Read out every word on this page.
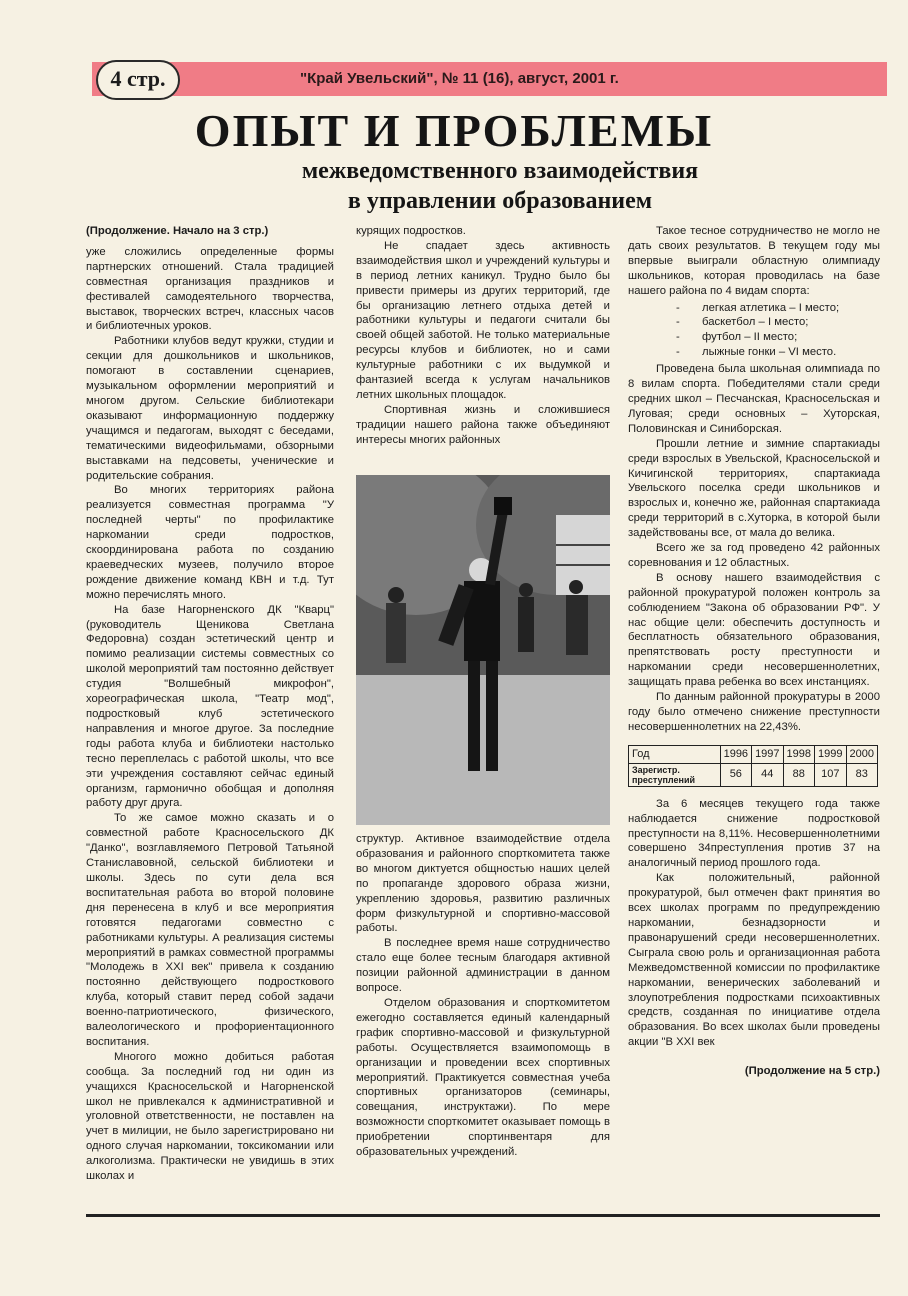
4 стр.	"Край Увельский", № 11 (16), август, 2001 г.
ОПЫТ И ПРОБЛЕМЫ
межведомственного взаимодействия
в управлении образованием

(Продолжение. Начало на 3 стр.)

уже сложились определенные формы партнерских отношений. Стала традицией совместная организация праздников и фестивалей самодеятельного творчества, выставок, творческих встреч, классных часов и библиотечных уроков.

Работники клубов ведут кружки, студии и секции для дошкольников и школьников, помогают в составлении сценариев, музыкальном оформлении мероприятий и многом другом. Сельские библиотекари оказывают информационную поддержку учащимся и педагогам, выходят с беседами, тематическими видеофильмами, обзорными выставками на педсоветы, ученические и родительские собрания.

Во многих территориях района реализуется совместная программа "У последней черты" по профилактике наркомании среди подростков, скоординирована работа по созданию краеведческих музеев, получило второе рождение движение команд КВН и т.д. Тут можно перечислять много.

На базе Нагорненского ДК "Кварц" (руководитель Щеникова Светлана Федоровна) создан эстетический центр и помимо реализации системы совместных со школой мероприятий там постоянно действует студия "Волшебный микрофон", хореографическая школа, "Театр мод", подростковый клуб эстетического направления и многое другое. За последние годы работа клуба и библиотеки настолько тесно переплелась с работой школы, что все эти учреждения составляют сейчас единый организм, гармонично обобщая и дополняя работу друг друга.

То же самое можно сказать и о совместной работе Красносельского ДК "Данко", возглавляемого Петровой Татьяной Станиславовной, сельской библиотеки и школы. Здесь по сути дела вся воспитательная работа во второй половине дня перенесена в клуб и все мероприятия готовятся педагогами совместно с работниками культуры. А реализация системы мероприятий в рамках совместной программы "Молодежь в XXI век" привела к созданию постоянно действующего подросткового клуба, который ставит перед собой задачи военно-патриотического, физического, валеологического и профориентационного воспитания.

Многого можно добиться работая сообща. За последний год ни один из учащихся Красносельской и Нагорненской школ не привлекался к административной и уголовной ответственности, не поставлен на учет в милиции, не было зарегистрировано ни одного случая наркомании, токсикомании или алкоголизма. Практически не увидишь в этих школах и

курящих подростков.

Не спадает здесь активность взаимодействия школ и учреждений культуры и в период летних каникул. Трудно было бы привести примеры из других территорий, где бы организацию летнего отдыха детей и работники культуры и педагоги считали бы своей общей заботой. Не только материальные ресурсы клубов и библиотек, но и сами культурные работники с их выдумкой и фантазией всегда к услугам начальников летних школьных площадок.

Спортивная жизнь и сложившиеся традиции нашего района также объединяют интересы многих районных

структур. Активное взаимодействие отдела образования и районного спорткомитета также во многом диктуется общностью наших целей по пропаганде здорового образа жизни, укреплению здоровья, развитию различных форм физкультурной и спортивно-массовой работы.

В последнее время наше сотрудничество стало еще более тесным благодаря активной позиции районной администрации в данном вопросе.

Отделом образования и спорткомитетом ежегодно составляется единый календарный график спортивно-массовой и физкультурной работы. Осуществляется взаимопомощь в организации и проведении всех спортивных мероприятий. Практикуется совместная учеба спортивных организаторов (семинары, совещания, инструктажи). По мере возможности спорткомитет оказывает помощь в приобретении спортинвентаря для образовательных учреждений.

Такое тесное сотрудничество не могло не дать своих результатов. В текущем году мы впервые выиграли областную олимпиаду школьников, которая проводилась на базе нашего района по 4 видам спорта:

- легкая атлетика – I место;
- баскетбол – I место;
- футбол – II место;
- лыжные гонки – VI место.

Проведена была школьная олимпиада по 8 вилам спорта. Победителями стали среди средних школ – Песчанская, Красносельская и Луговая; среди основных – Хуторская, Половинская и Синиборская.

Прошли летние и зимние спартакиады среди взрослых в Увельской, Красносельской и Кичигинской территориях, спартакиада Увельского поселка среди школьников и взрослых и, конечно же, районная спартакиада среди территорий в с.Хуторка, в которой были задействованы все, от мала до велика.

Всего же за год проведено 42 районных соревнования и 12 областных.

В основу нашего взаимодействия с районной прокуратурой положен контроль за соблюдением "Закона об образовании РФ". У нас общие цели: обеспечить доступность и бесплатность обязательного образования, препятствовать росту преступности и наркомании среди несовершеннолетних, защищать права ребенка во всех инстанциях.

По данным районной прокуратуры в 2000 году было отмечено снижение преступности несовершеннолетних на 22,43%.

Год	1996	1997	1998	1999	2000
Зарегистр. преступлений	56	44	88	107	83

За 6 месяцев текущего года также наблюдается снижение подростковой преступности на 8,11%. Несовершеннолетними совершено 34преступления против 37 на аналогичный период прошлого года.

Как положительный, районной прокуратурой, был отмечен факт принятия во всех школах программ по предупреждению наркомании, безнадзорности и правонарушений среди несовершеннолетних. Сыграла свою роль и организационная работа Межведомственной комиссии по профилактике наркомании, венерических заболеваний и злоупотребления подростками психоактивных средств, созданная по инициативе отдела образования. Во всех школах были проведены акции "В XXI век

(Продолжение на 5 стр.)
